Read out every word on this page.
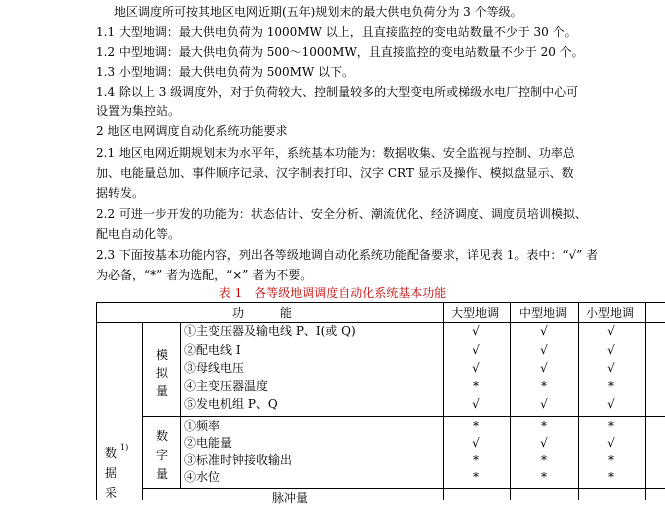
地区调度所可按其地区电网近期(五年)规划末的最大供电负荷分为 3 个等级。
1.1 大型地调：最大供电负荷为 1000MW 以上，且直接监控的变电站数量不少于 30 个。
1.2 中型地调：最大供电负荷为 500～1000MW，且直接监控的变电站数量不少于 20 个。
1.3 小型地调：最大供电负荷为 500MW 以下。
1.4 除以上 3 级调度外，对于负荷较大、控制量较多的大型变电所或梯级水电厂控制中心可
设置为集控站。
2 地区电网调度自动化系统功能要求
2.1 地区电网近期规划末为水平年，系统基本功能为：数据收集、安全监视与控制、功率总
加、电能量总加、事件顺序记录、汉字制表打印、汉字 CRT 显示及操作、模拟盘显示、数
据转发。
2.2 可进一步开发的功能为：状态估计、安全分析、潮流优化、经济调度、调度员培训模拟、
配电自动化等。
2.3 下面按基本功能内容，列出各等级地调自动化系统功能配备要求，详见表 1。表中：“√” 者
为必备，“*” 者为选配，“×” 者为不要。
表 1　各等级地调调度自动化系统基本功能
功　　　能	大型地调 中型地调 小型地调
数
据
采
1)
模
拟
量
①主变压器及输电线 P、I(或 Q)	√	√	√
②配电线 I	√	√	√
③母线电压	√	√	√
④主变压器温度	*	*	*
⑤发电机组 P、Q	√	√	√
数
字
量
①频率	*	*	*
②电能量	√	√	√
③标准时钟接收输出	*	*	*
④水位	*	*	*
脉冲量
